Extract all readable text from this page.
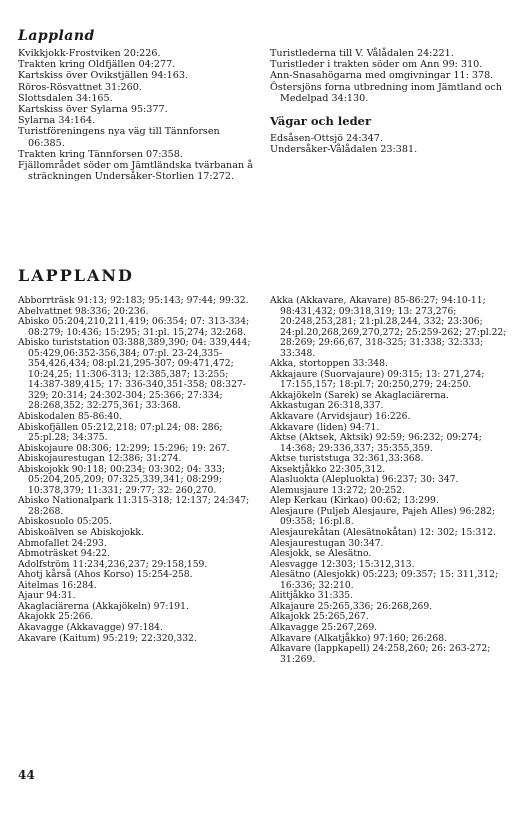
Lappland

Kvikkjokk-Frostviken 20:226.

Trakten kring Oldfjällen 04:277.

Kartskiss över Ovikstjällen 94:163.

Röros-Rösvattnet 31:260.

Slottsdalen 34:165.

Kartskiss över Sylarna 95:377.

Sylarna 34:164.

Turistföreningens nya väg till Tännforsen 06:385.

Trakten kring Tännforsen 07:358.

Fjällområdet söder om Jämtländska tvärbanan å sträckningen Undersåker-Storlien 17:272.

Turistlederna till V. Vålådalen 24:221.

Turistleder i trakten söder om Ann 99: 310.

Ann-Snasahögarna med omgivningar 11: 378.

Östersjöns forna utbredning inom Jämtland och Medelpad 34:130.

Vägar och leder

Edsåsen-Ottsjö 24:347.

Undersåker-Vålådalen 23:381.

LAPPLAND

Abborrträsk 91:13; 92:183; 95:143; 97:44; 99:32.

Abelvattnet 98:336; 20:236.

Abisko 05:204,210,211,419; 06:354; 07: 313-334; 08:279; 10:436; 15:295; 31:pl. 15,274; 32:268.

Abisko turiststation 03:388,389,390; 04: 339,444; 05:429,06:352-356,384; 07:pl. 23-24,335-354,426,434; 08:pl.21,295-307; 09:471,472; 10:24,25; 11:306-313; 12:385,387; 13:255; 14:387-389,415; 17: 336-340,351-358; 08:327-329; 20:314; 24:302-304; 25:366; 27:334; 28:268,352; 32:275,361; 33:368.

Abiskodalen 85-86:40.

Abiskofjällen 05:212,218; 07:pl.24; 08: 286; 25:pl.28; 34:375.

Abiskojaure 08:306; 12:299; 15:296; 19: 267.

Abiskojaurestugan 12:386; 31:274.

Abiskojokk 90:118; 00:234; 03:302; 04: 333; 05:204,205,209; 07:325,339,341; 08:299; 10:378,379; 11:331; 29:77; 32: 260,270.

Abisko Nationalpark 11:315-318; 12:137; 24:347; 28:268.

Abiskosuolo 05:205.

Abiskoälven se Abiskojokk.

Abmofallet 24:293.

Abmoträsket 94:22.

Adolfström 11:234,236,237; 29:158,159.

Ahotj kårså (Ahos Korso) 15:254-258.

Aitelmas 16:284.

Ajaur 94:31.

Akaglaciärerna (Akkajökeln) 97:191.

Akajokk 25:266.

Akavagge (Akkavagge) 97:184.

Akavare (Kaitum) 95:219; 22:320,332.

Akka (Akkavare, Akavare) 85-86:27; 94:10-11; 98:431,432; 09:318,319; 13: 273,276; 20:248,253,281; 21:pl.28,244, 332; 23:306; 24:pl.20,268,269,270,272; 25:259-262; 27:pl.22; 28:269; 29:66,67, 318-325; 31:338; 32:333; 33:348.

Akka, stortoppen 33:348.

Akkajaure (Suorvajaure) 09:315; 13: 271,274; 17:155,157; 18:pl.7; 20:250,279; 24:250.

Akkajökeln (Sarek) se Akaglaciärerna.

Akkastugan 26:318,337.

Akkavare (Arvidsjaur) 16:226.

Akkavare (liden) 94:71.

Aktse (Aktsek, Aktsik) 92:59; 96:232; 09:274; 14:368; 29:336,337; 35:355,359.

Aktse turiststuga 32:361,33:368.

Aksektjåkko 22:305,312.

Alasluokta (Alepluokta) 96:237; 30: 347.

Alemusjaure 13:272; 20:252.

Alep Kerkau (Kirkao) 00:62; 13:299.

Alesjaure (Puljeb Alesjaure, Pajeh Alles) 96:282; 09:358; 16:pl.8.

Alesjaurekåtan (Alesätnokåtan) 12: 302; 15:312.

Alesjaurestugan 30:347.

Alesjokk, se Alesätno.

Alesvagge 12:303; 15:312,313.

Alesätno (Alesjokk) 05:223; 09:357; 15: 311,312; 16:336; 32:210.

Alittjåkko 31:335.

Alkajaure 25:265,336; 26:268,269.

Alkajokk 25:265,267.

Alkavagge 25:267,269.

Alkavare (Alkatjåkko) 97:160; 26:268.

Alkavare (lappkapell) 24:258,260; 26: 263-272; 31:269.

44
